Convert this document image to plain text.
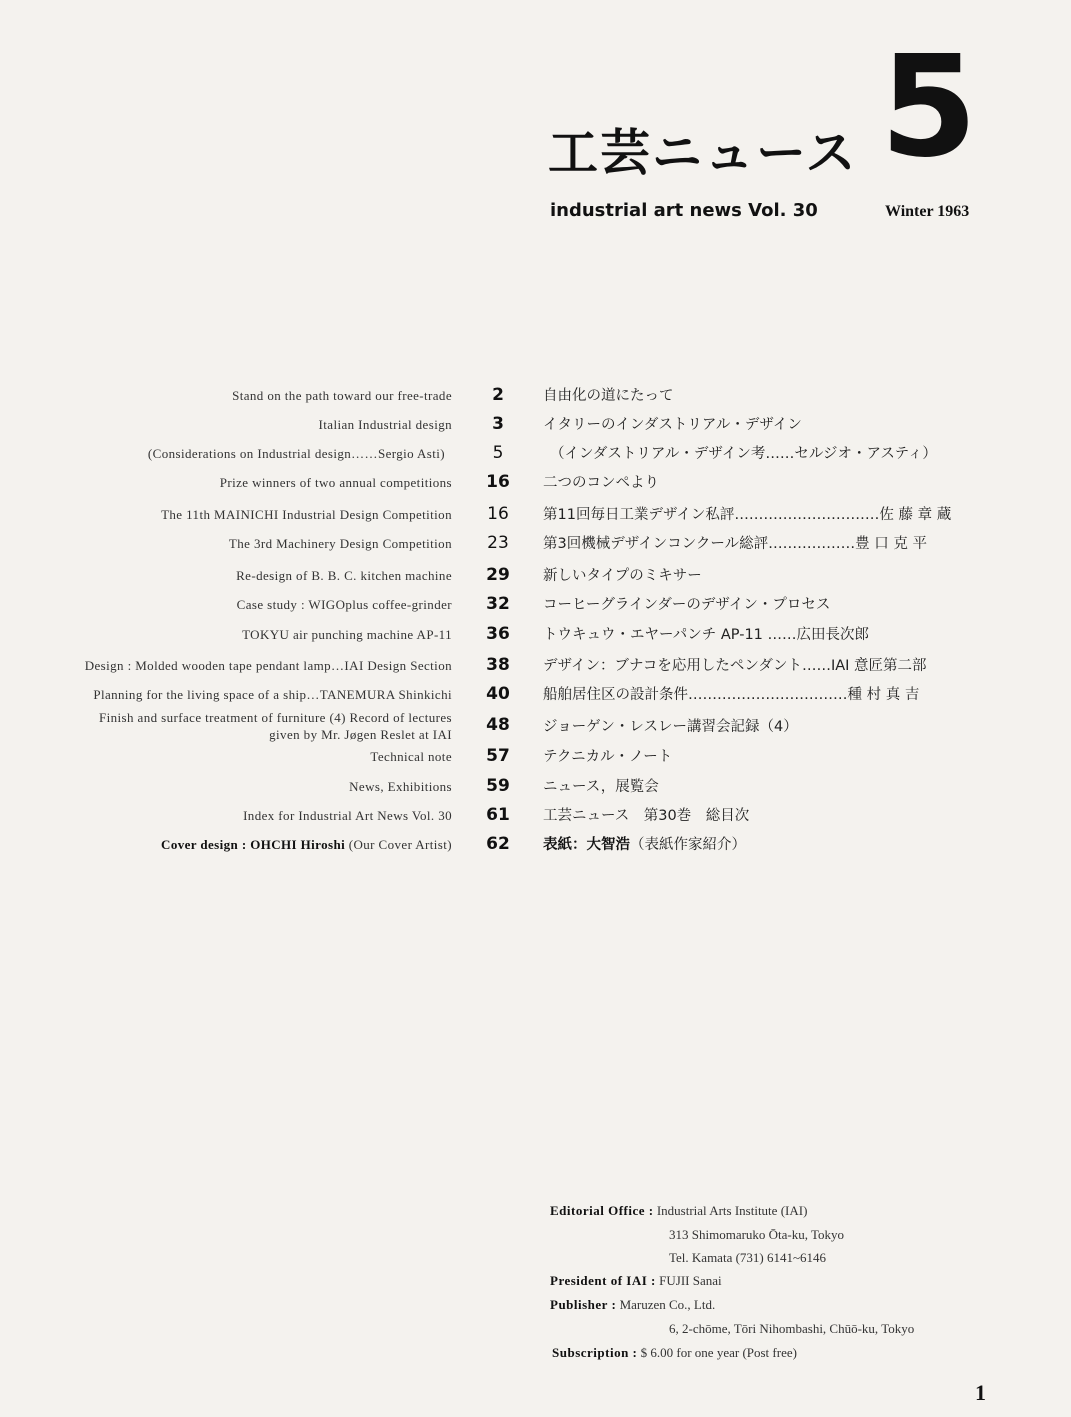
工芸ニュース
industrial art news Vol. 30
5
Winter 1963
Stand on the path toward our free-trade	2	自由化の道にたって
Italian Industrial design	3	イタリーのインダストリアル・デザイン
(Considerations on Industrial design……Sergio Asti)	5	（インダストリアル・デザイン考……セルジオ・アスティ）
Prize winners of two annual competitions	16	二つのコンペより
The 11th MAINICHI Industrial Design Competition	16	第11回毎日工業デザイン私評…………………………佐 藤 章 蔵
The 3rd Machinery Design Competition	23	第3回機械デザインコンクール総評………………豊 口 克 平
Re-design of B. B. C. kitchen machine	29	新しいタイプのミキサー
Case study : WIGOplus coffee-grinder	32	コーヒーグラインダーのデザイン・プロセス
TOKYU air punching machine AP-11	36	トウキュウ・エヤーパンチ AP-11 ……広田長次郎
Design : Molded wooden tape pendant lamp…IAI Design Section	38	デザイン：ブナコを応用したペンダント……IAI 意匠第二部
Planning for the living space of a ship…TANEMURA Shinkichi	40	船舶居住区の設計条件……………………………種 村 真 吉
Finish and surface treatment of furniture (4) Record of lectures
given by Mr. Jøgen Reslet at IAI	48	ジョーゲン・レスレー講習会記録（4）
Technical note	57	テクニカル・ノート
News, Exhibitions	59	ニュース，展覧会
Index for Industrial Art News Vol. 30	61	工芸ニュース　第30巻　総目次
Cover design : OHCHI Hiroshi (Our Cover Artist)	62	表紙：大智浩（表紙作家紹介）
Editorial Office : Industrial Arts Institute (IAI)
313 Shimomaruko Ōta-ku, Tokyo
Tel. Kamata (731) 6141~6146
President of IAI : FUJII Sanai
Publisher : Maruzen Co., Ltd.
6, 2-chōme, Tōri Nihombashi, Chūō-ku, Tokyo
Subscription : $ 6.00 for one year (Post free)
1
